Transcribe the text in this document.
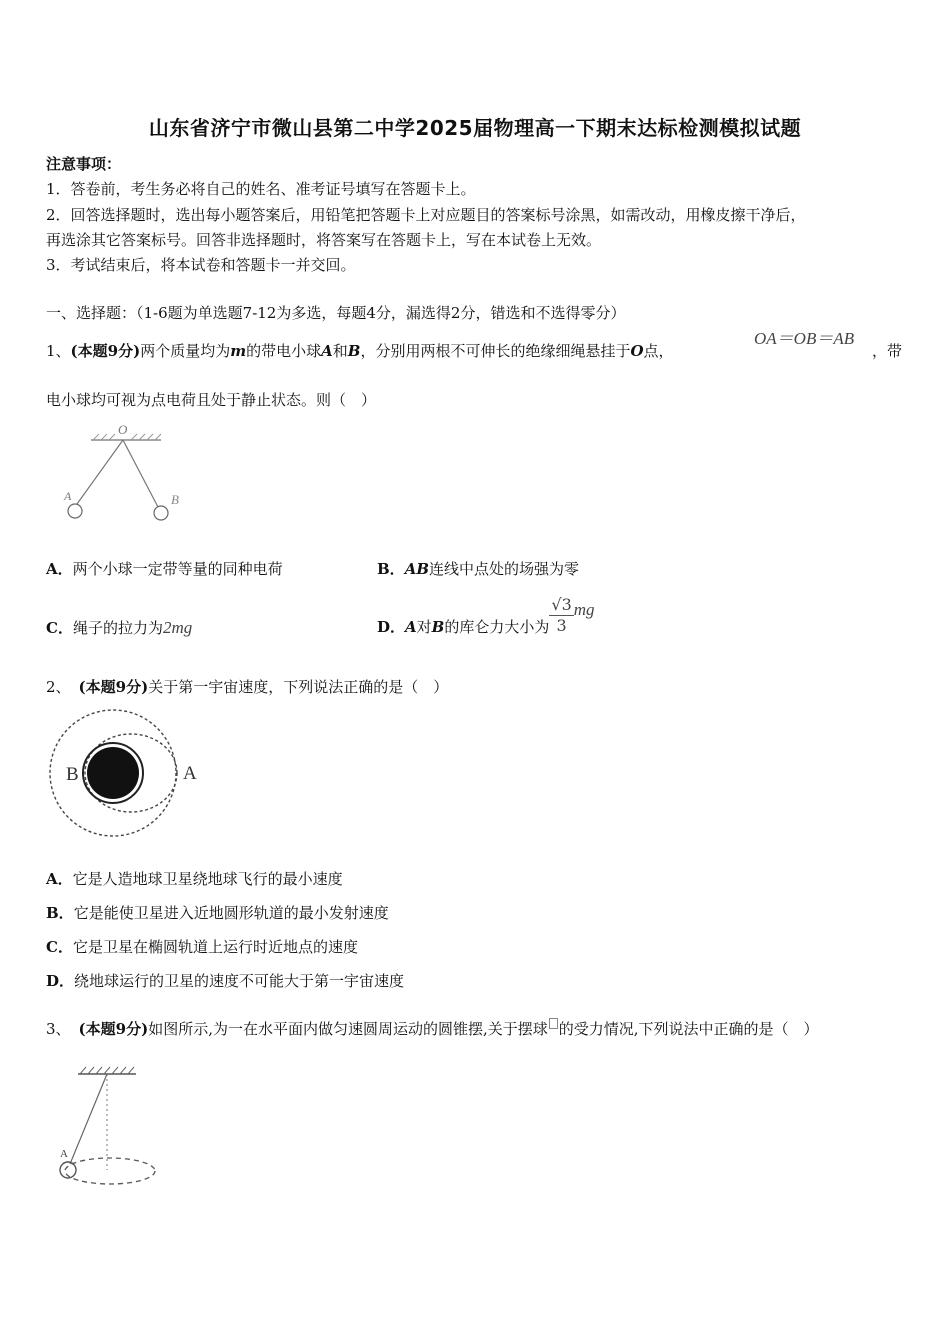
山东省济宁市微山县第二中学2025届物理高一下期末达标检测模拟试题
注意事项：
1．答卷前，考生务必将自己的姓名、准考证号填写在答题卡上。
2．回答选择题时，选出每小题答案后，用铅笔把答题卡上对应题目的答案标号涂黑，如需改动，用橡皮擦干净后，
再选涂其它答案标号。回答非选择题时，将答案写在答题卡上，写在本试卷上无效。
3．考试结束后，将本试卷和答题卡一并交回。
一、选择题：（1-6题为单选题7-12为多选，每题4分，漏选得2分，错选和不选得零分）
1、(本题9分)两个质量均为m的带电小球A和B，分别用两根不可伸长的绝缘细绳悬挂于O点，
OA＝OB＝AB
，带
电小球均可视为点电荷且处于静止状态。则（　）
O
A	B
A．两个小球一定带等量的同种电荷	B．AB连线中点处的场强为零
C．绳子的拉力为2mg	D．A对B的库仑力大小为 $\frac{√3}{3}$ mg
2、 (本题9分)关于第一宇宙速度，下列说法正确的是（　）
B	A
A．它是人造地球卫星绕地球飞行的最小速度
B．它是能使卫星进入近地圆形轨道的最小发射速度
C．它是卫星在椭圆轨道上运行时近地点的速度
D．绕地球运行的卫星的速度不可能大于第一宇宙速度
3、 (本题9分)如图所示,为一在水平面内做匀速圆周运动的圆锥摆,关于摆球 的受力情况,下列说法中正确的是（　）
A
